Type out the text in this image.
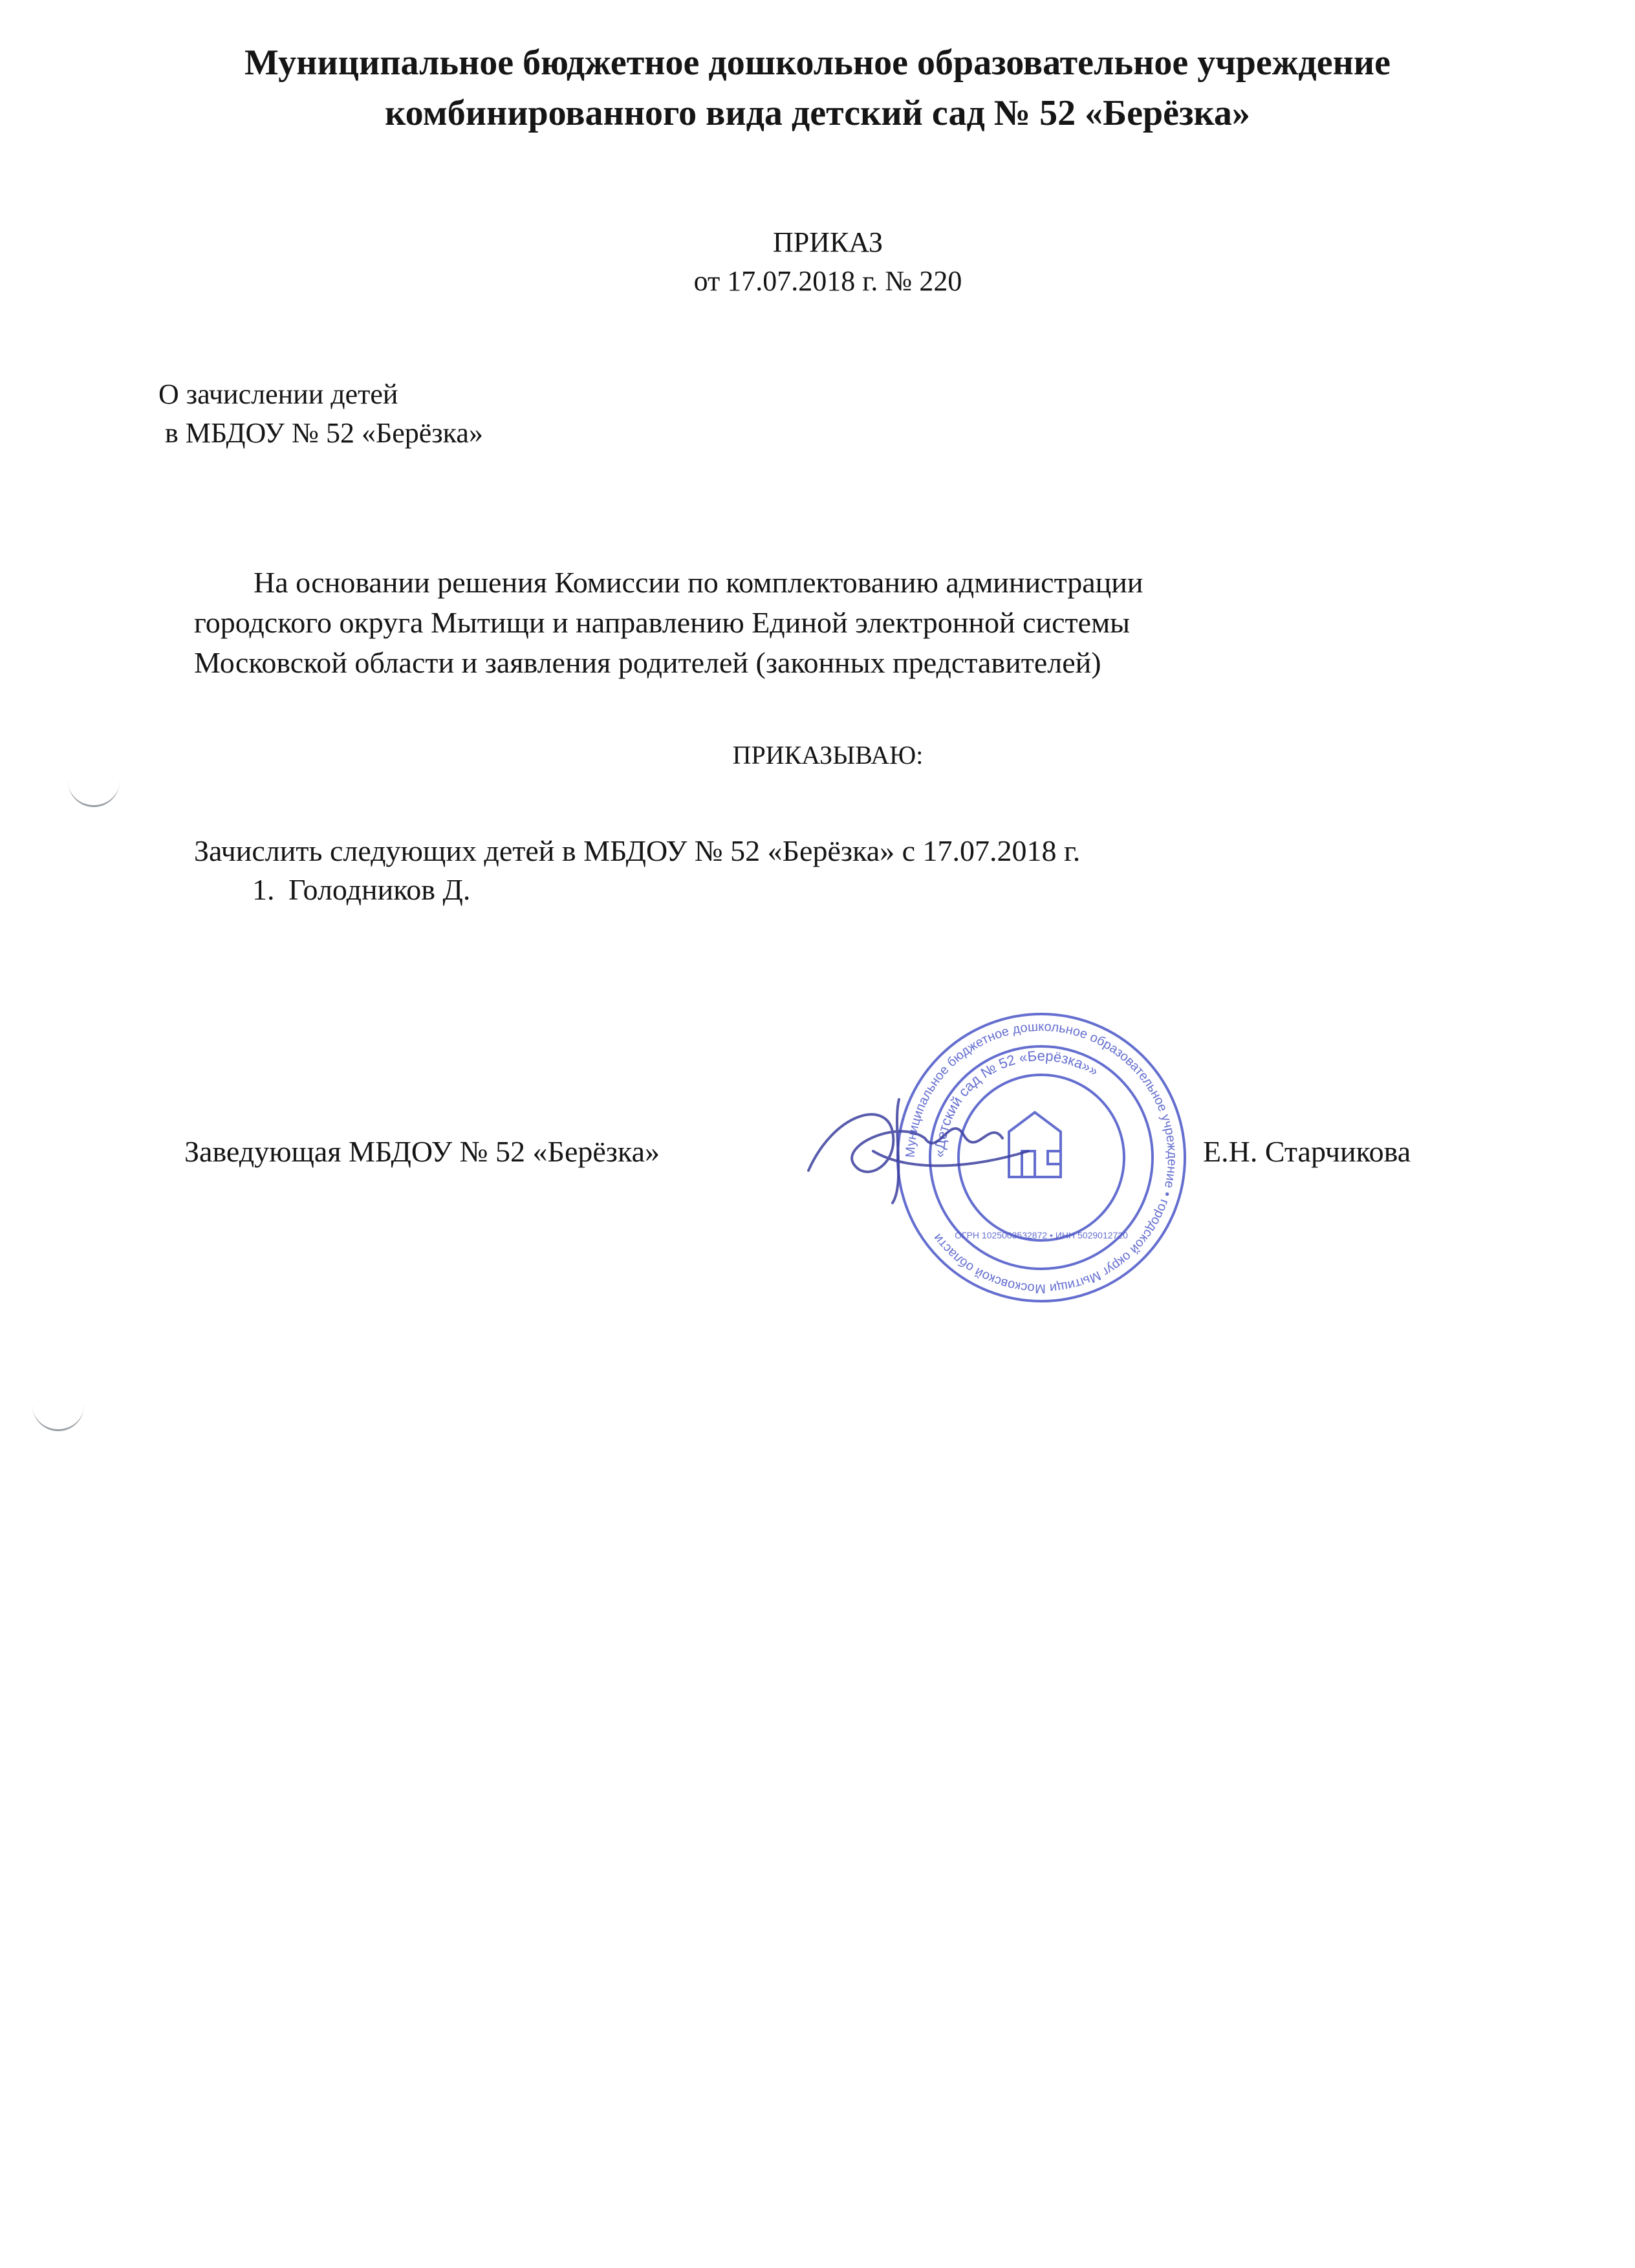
Муниципальное бюджетное дошкольное образовательное учреждение
комбинированного вида детский сад № 52 «Берёзка»
ПРИКАЗ
от 17.07.2018 г. № 220
О зачислении детей
в МБДОУ № 52 «Берёзка»
На основании решения Комиссии по комплектованию администрации
городского округа Мытищи и направлению Единой электронной системы
Московской области и заявления родителей (законных представителей)
ПРИКАЗЫВАЮ:
Зачислить следующих детей в МБДОУ № 52 «Берёзка» с 17.07.2018 г.
1. Голодников Д.
Заведующая МБДОУ № 52 «Берёзка»	Е.Н. Старчикова
Муниципальное бюджетное дошкольное образовательное учреждение • городской округ Мытищи Московской области
«Детский сад № 52 «Берёзка»»
ОГРН 1025003532872 • ИНН 5029012720
